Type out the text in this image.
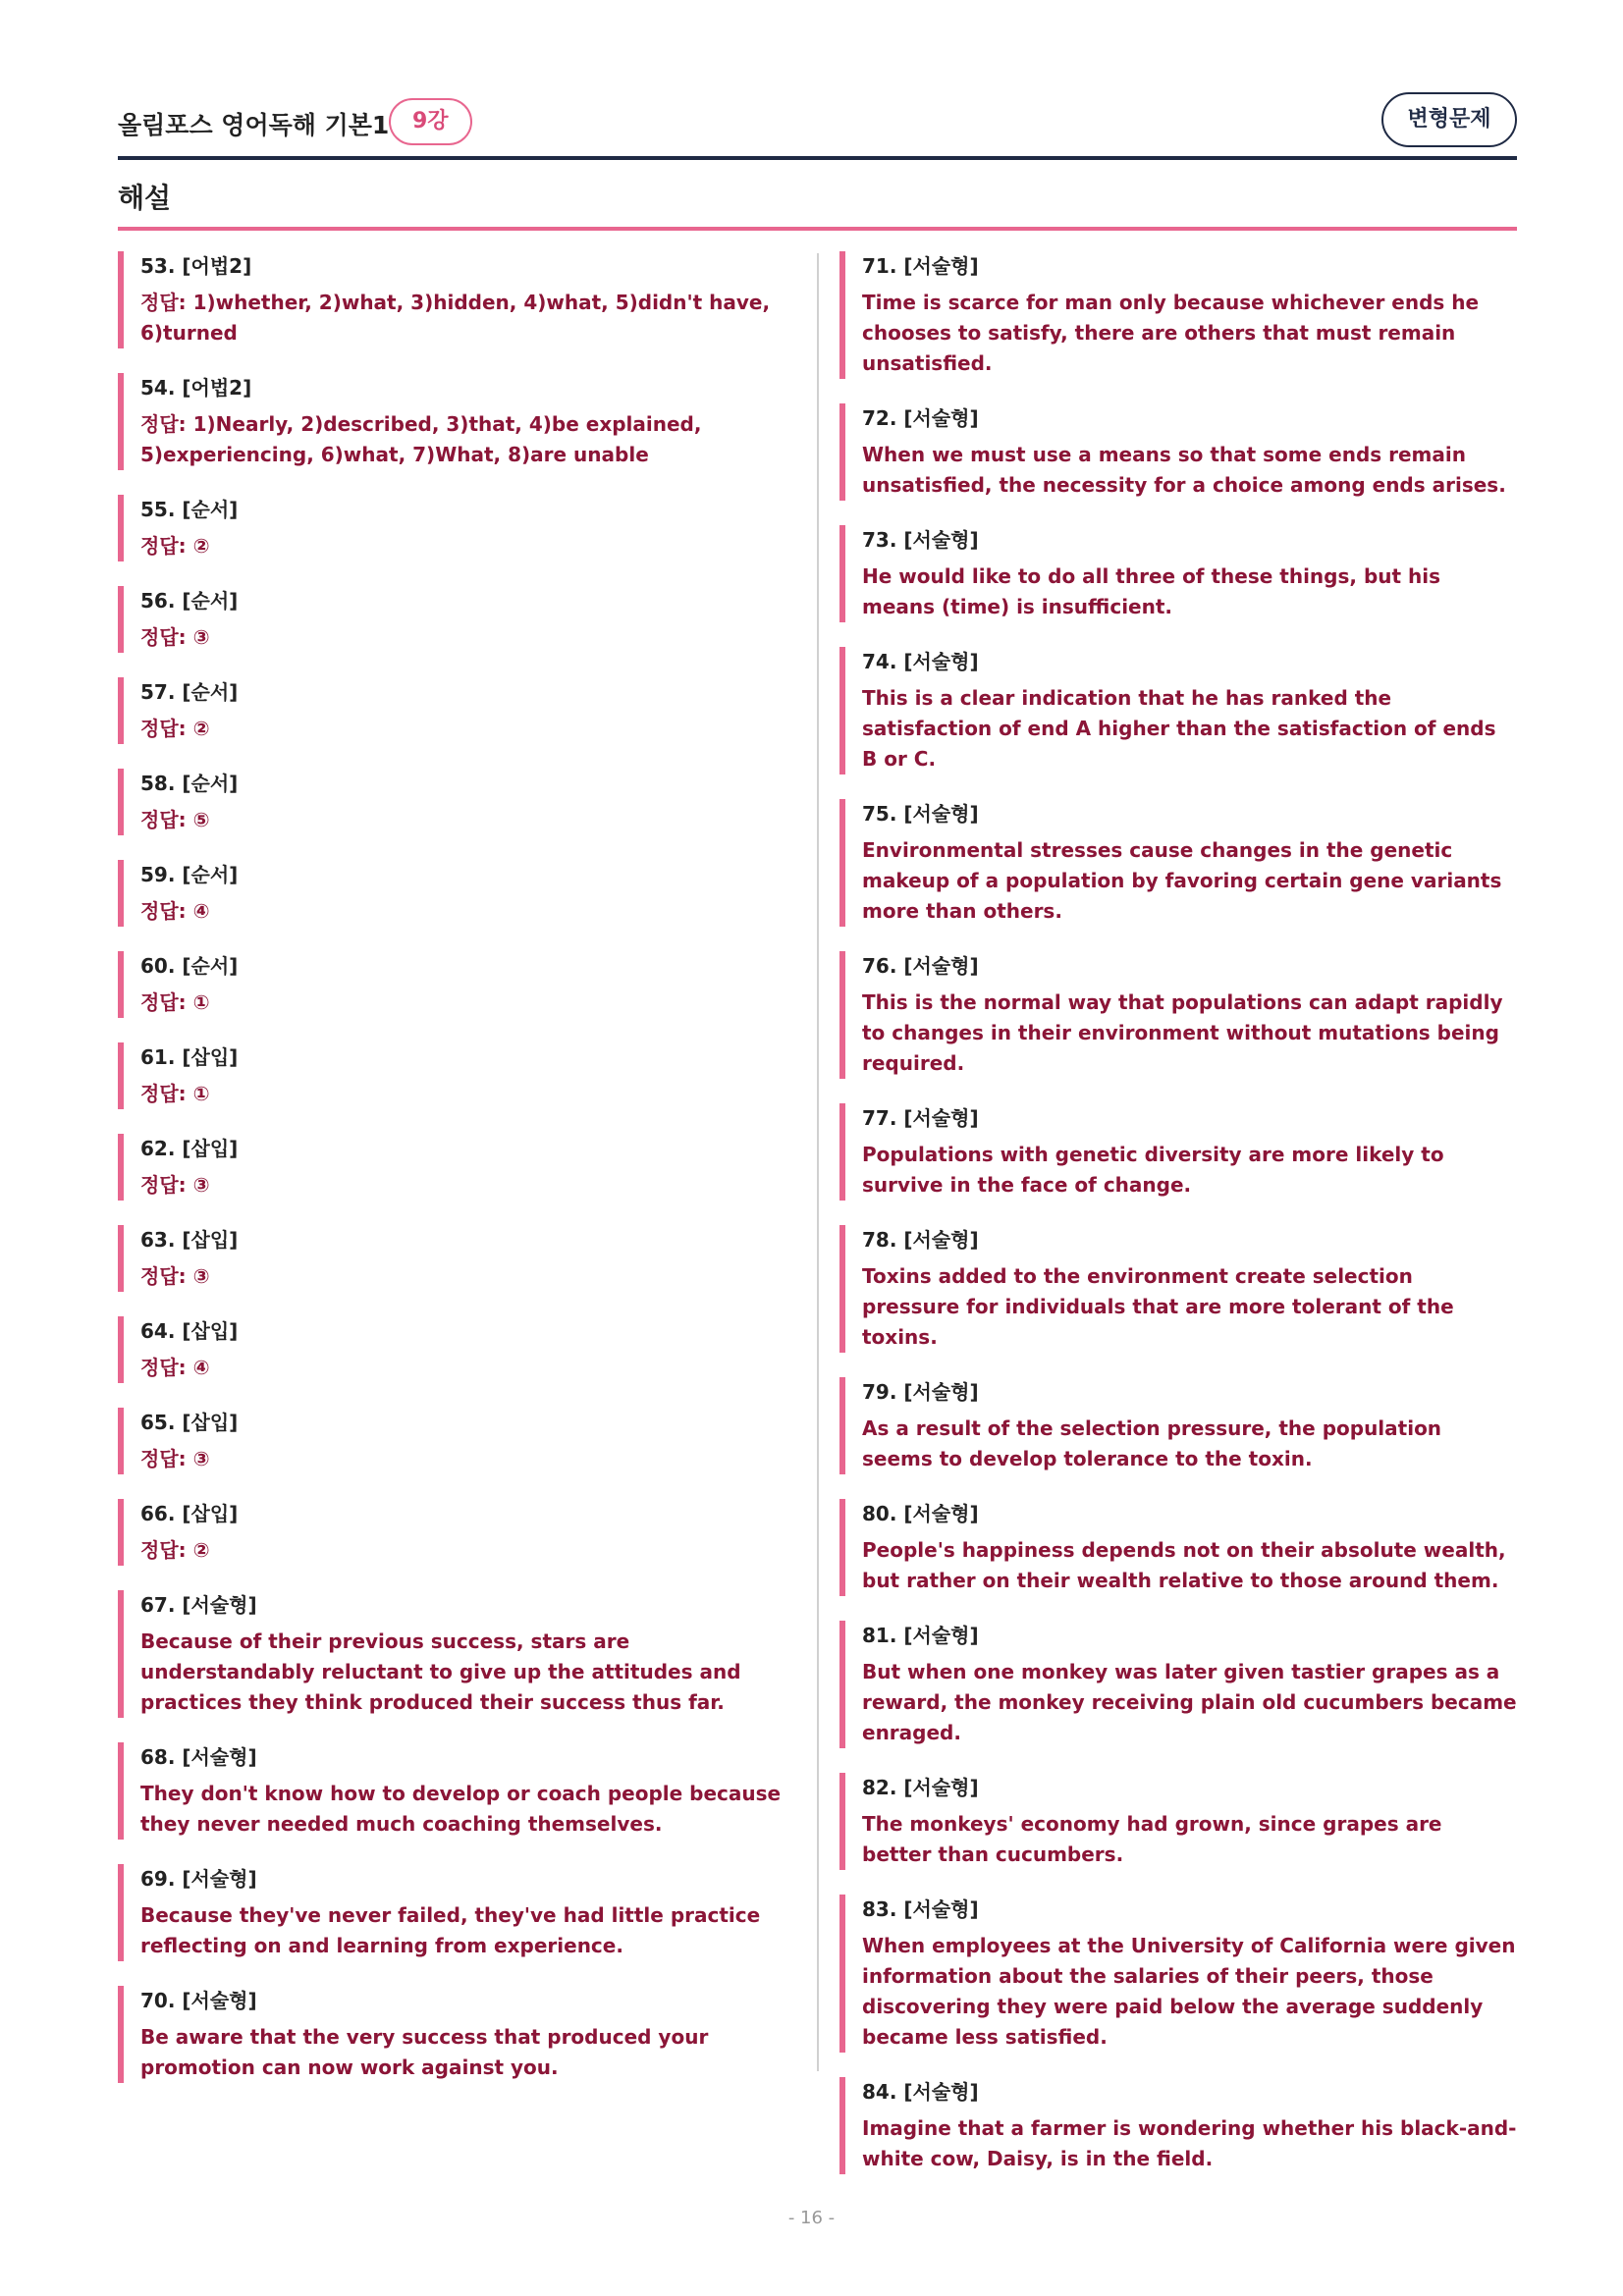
올림포스 영어독해 기본1	9강	변형문제
해설
53. [어법2]
정답: 1)whether, 2)what, 3)hidden, 4)what, 5)didn't have, 6)turned
54. [어법2]
정답: 1)Nearly, 2)described, 3)that, 4)be explained, 5)experiencing, 6)what, 7)What, 8)are unable
55. [순서]
정답: ②
56. [순서]
정답: ③
57. [순서]
정답: ②
58. [순서]
정답: ⑤
59. [순서]
정답: ④
60. [순서]
정답: ①
61. [삽입]
정답: ①
62. [삽입]
정답: ③
63. [삽입]
정답: ③
64. [삽입]
정답: ④
65. [삽입]
정답: ③
66. [삽입]
정답: ②
67. [서술형]
Because of their previous success, stars are understandably reluctant to give up the attitudes and practices they think produced their success thus far.
68. [서술형]
They don't know how to develop or coach people because they never needed much coaching themselves.
69. [서술형]
Because they've never failed, they've had little practice reflecting on and learning from experience.
70. [서술형]
Be aware that the very success that produced your promotion can now work against you.
71. [서술형]
Time is scarce for man only because whichever ends he chooses to satisfy, there are others that must remain unsatisfied.
72. [서술형]
When we must use a means so that some ends remain unsatisfied, the necessity for a choice among ends arises.
73. [서술형]
He would like to do all three of these things, but his means (time) is insufficient.
74. [서술형]
This is a clear indication that he has ranked the satisfaction of end A higher than the satisfaction of ends B or C.
75. [서술형]
Environmental stresses cause changes in the genetic makeup of a population by favoring certain gene variants more than others.
76. [서술형]
This is the normal way that populations can adapt rapidly to changes in their environment without mutations being required.
77. [서술형]
Populations with genetic diversity are more likely to survive in the face of change.
78. [서술형]
Toxins added to the environment create selection pressure for individuals that are more tolerant of the toxins.
79. [서술형]
As a result of the selection pressure, the population seems to develop tolerance to the toxin.
80. [서술형]
People's happiness depends not on their absolute wealth, but rather on their wealth relative to those around them.
81. [서술형]
But when one monkey was later given tastier grapes as a reward, the monkey receiving plain old cucumbers became enraged.
82. [서술형]
The monkeys' economy had grown, since grapes are better than cucumbers.
83. [서술형]
When employees at the University of California were given information about the salaries of their peers, those discovering they were paid below the average suddenly became less satisfied.
84. [서술형]
Imagine that a farmer is wondering whether his black-and-white cow, Daisy, is in the field.
- 16 -
